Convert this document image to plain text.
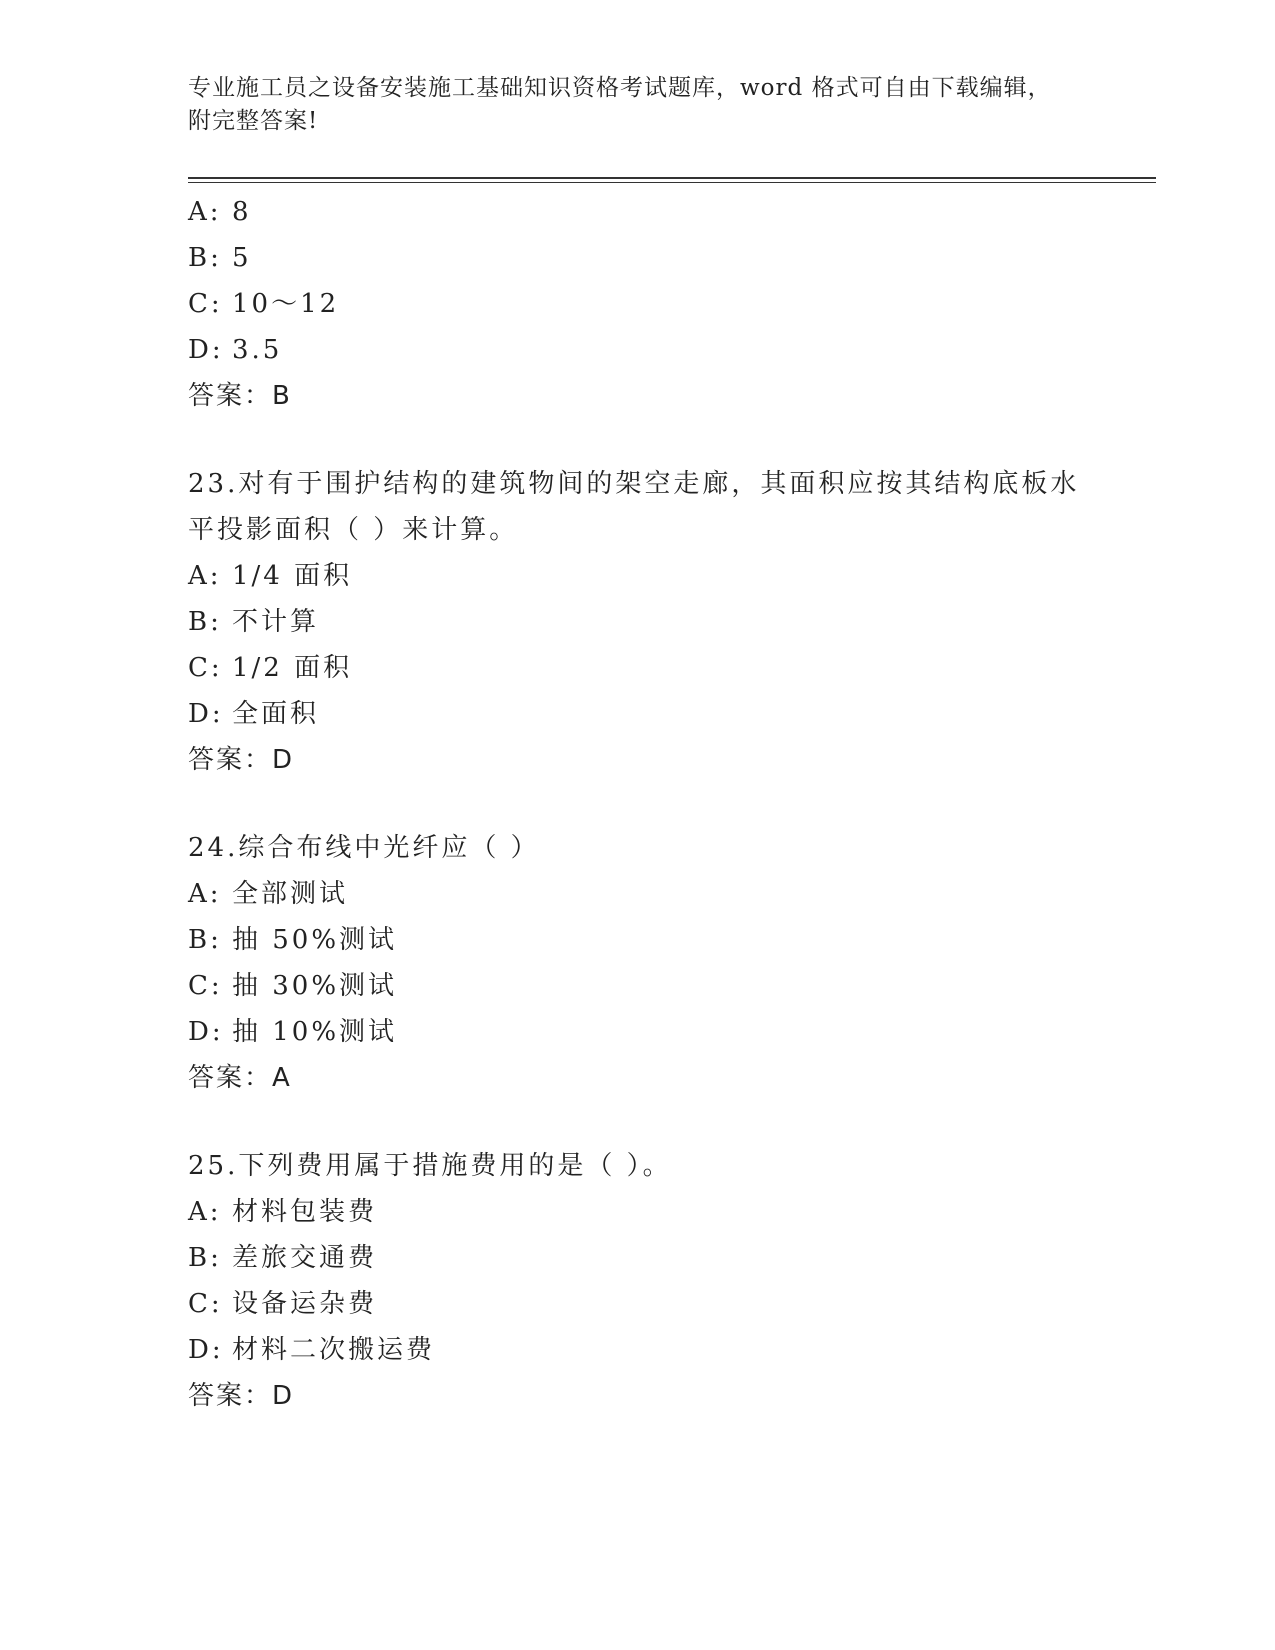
专业施工员之设备安装施工基础知识资格考试题库，word 格式可自由下载编辑，
附完整答案!
A: 8
B: 5
C: 10～12
D: 3.5
答案：B
23.对有于围护结构的建筑物间的架空走廊，其面积应按其结构底板水
平投影面积（ ）来计算。
A: 1/4 面积
B: 不计算
C: 1/2 面积
D: 全面积
答案：D
24.综合布线中光纤应（ ）
A: 全部测试
B: 抽 50%测试
C: 抽 30%测试
D: 抽 10%测试
答案：A
25.下列费用属于措施费用的是（ ）。
A: 材料包装费
B: 差旅交通费
C: 设备运杂费
D: 材料二次搬运费
答案：D
